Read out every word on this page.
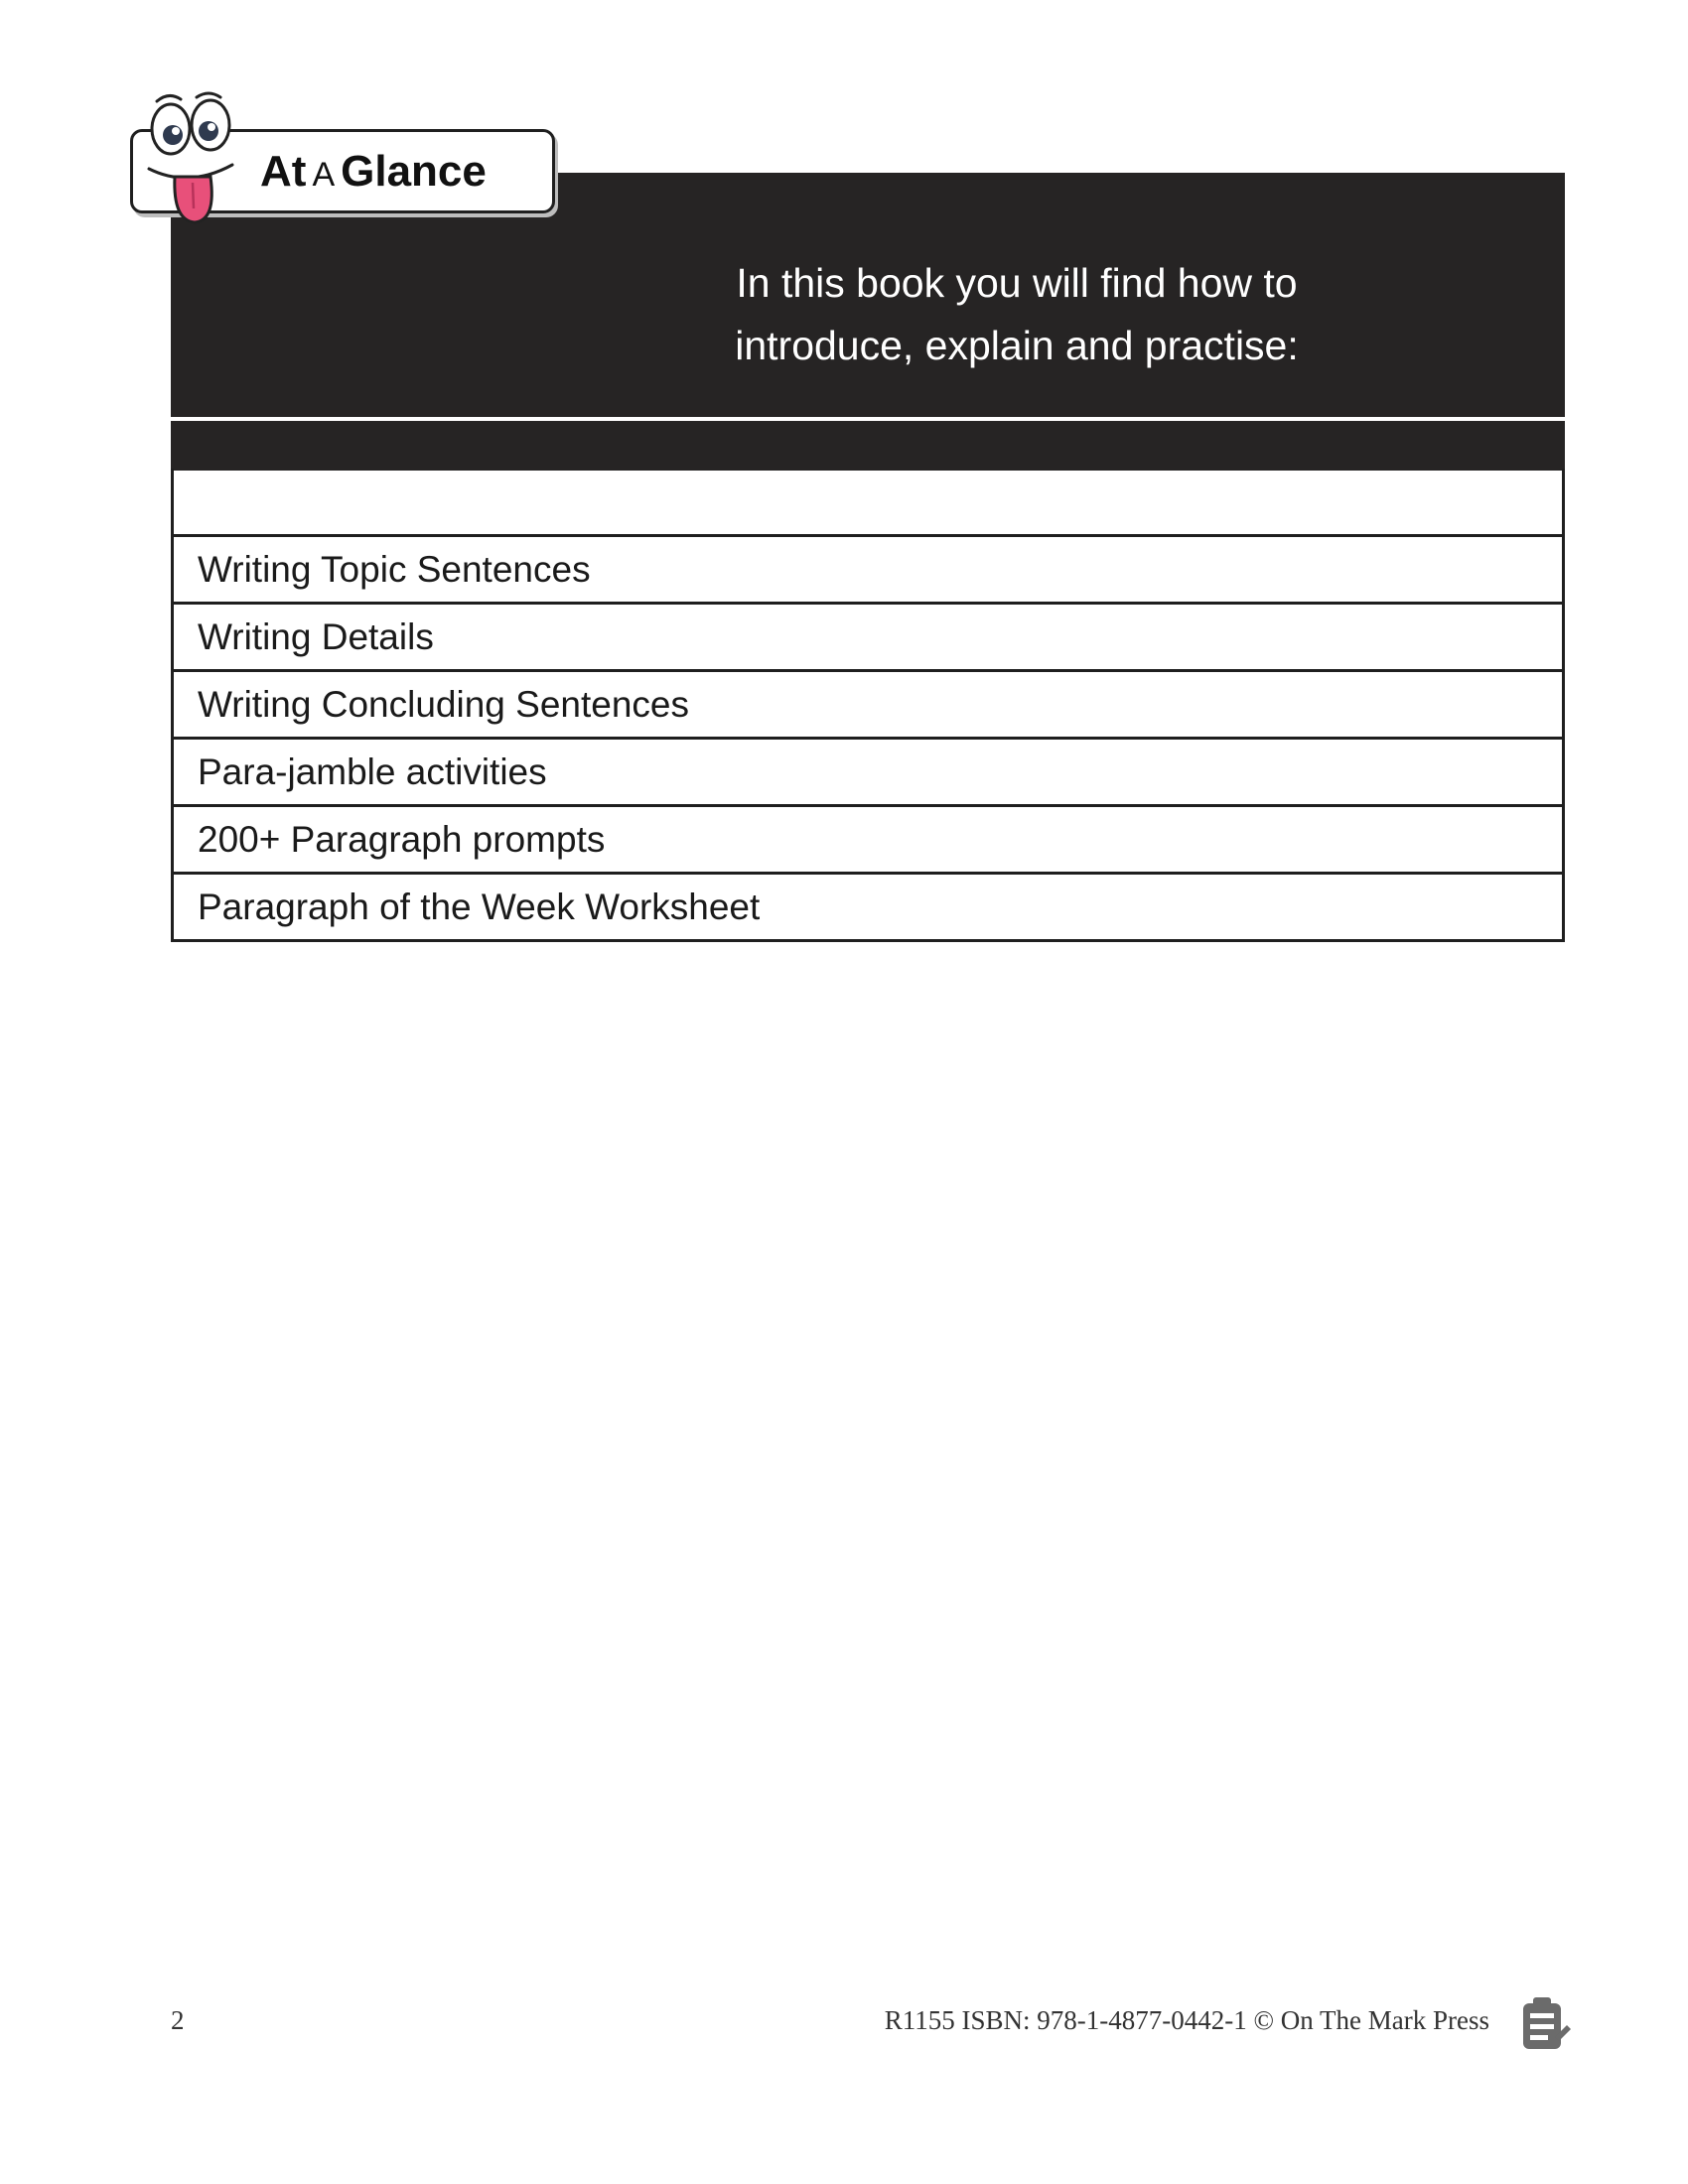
At A Glance
In this book you will find how to
introduce, explain and practise:
Writing Topic Sentences
Writing Details
Writing Concluding Sentences
Para-jamble activities
200+ Paragraph prompts
Paragraph of the Week Worksheet
2	R1155 ISBN: 978-1-4877-0442-1 © On The Mark Press
